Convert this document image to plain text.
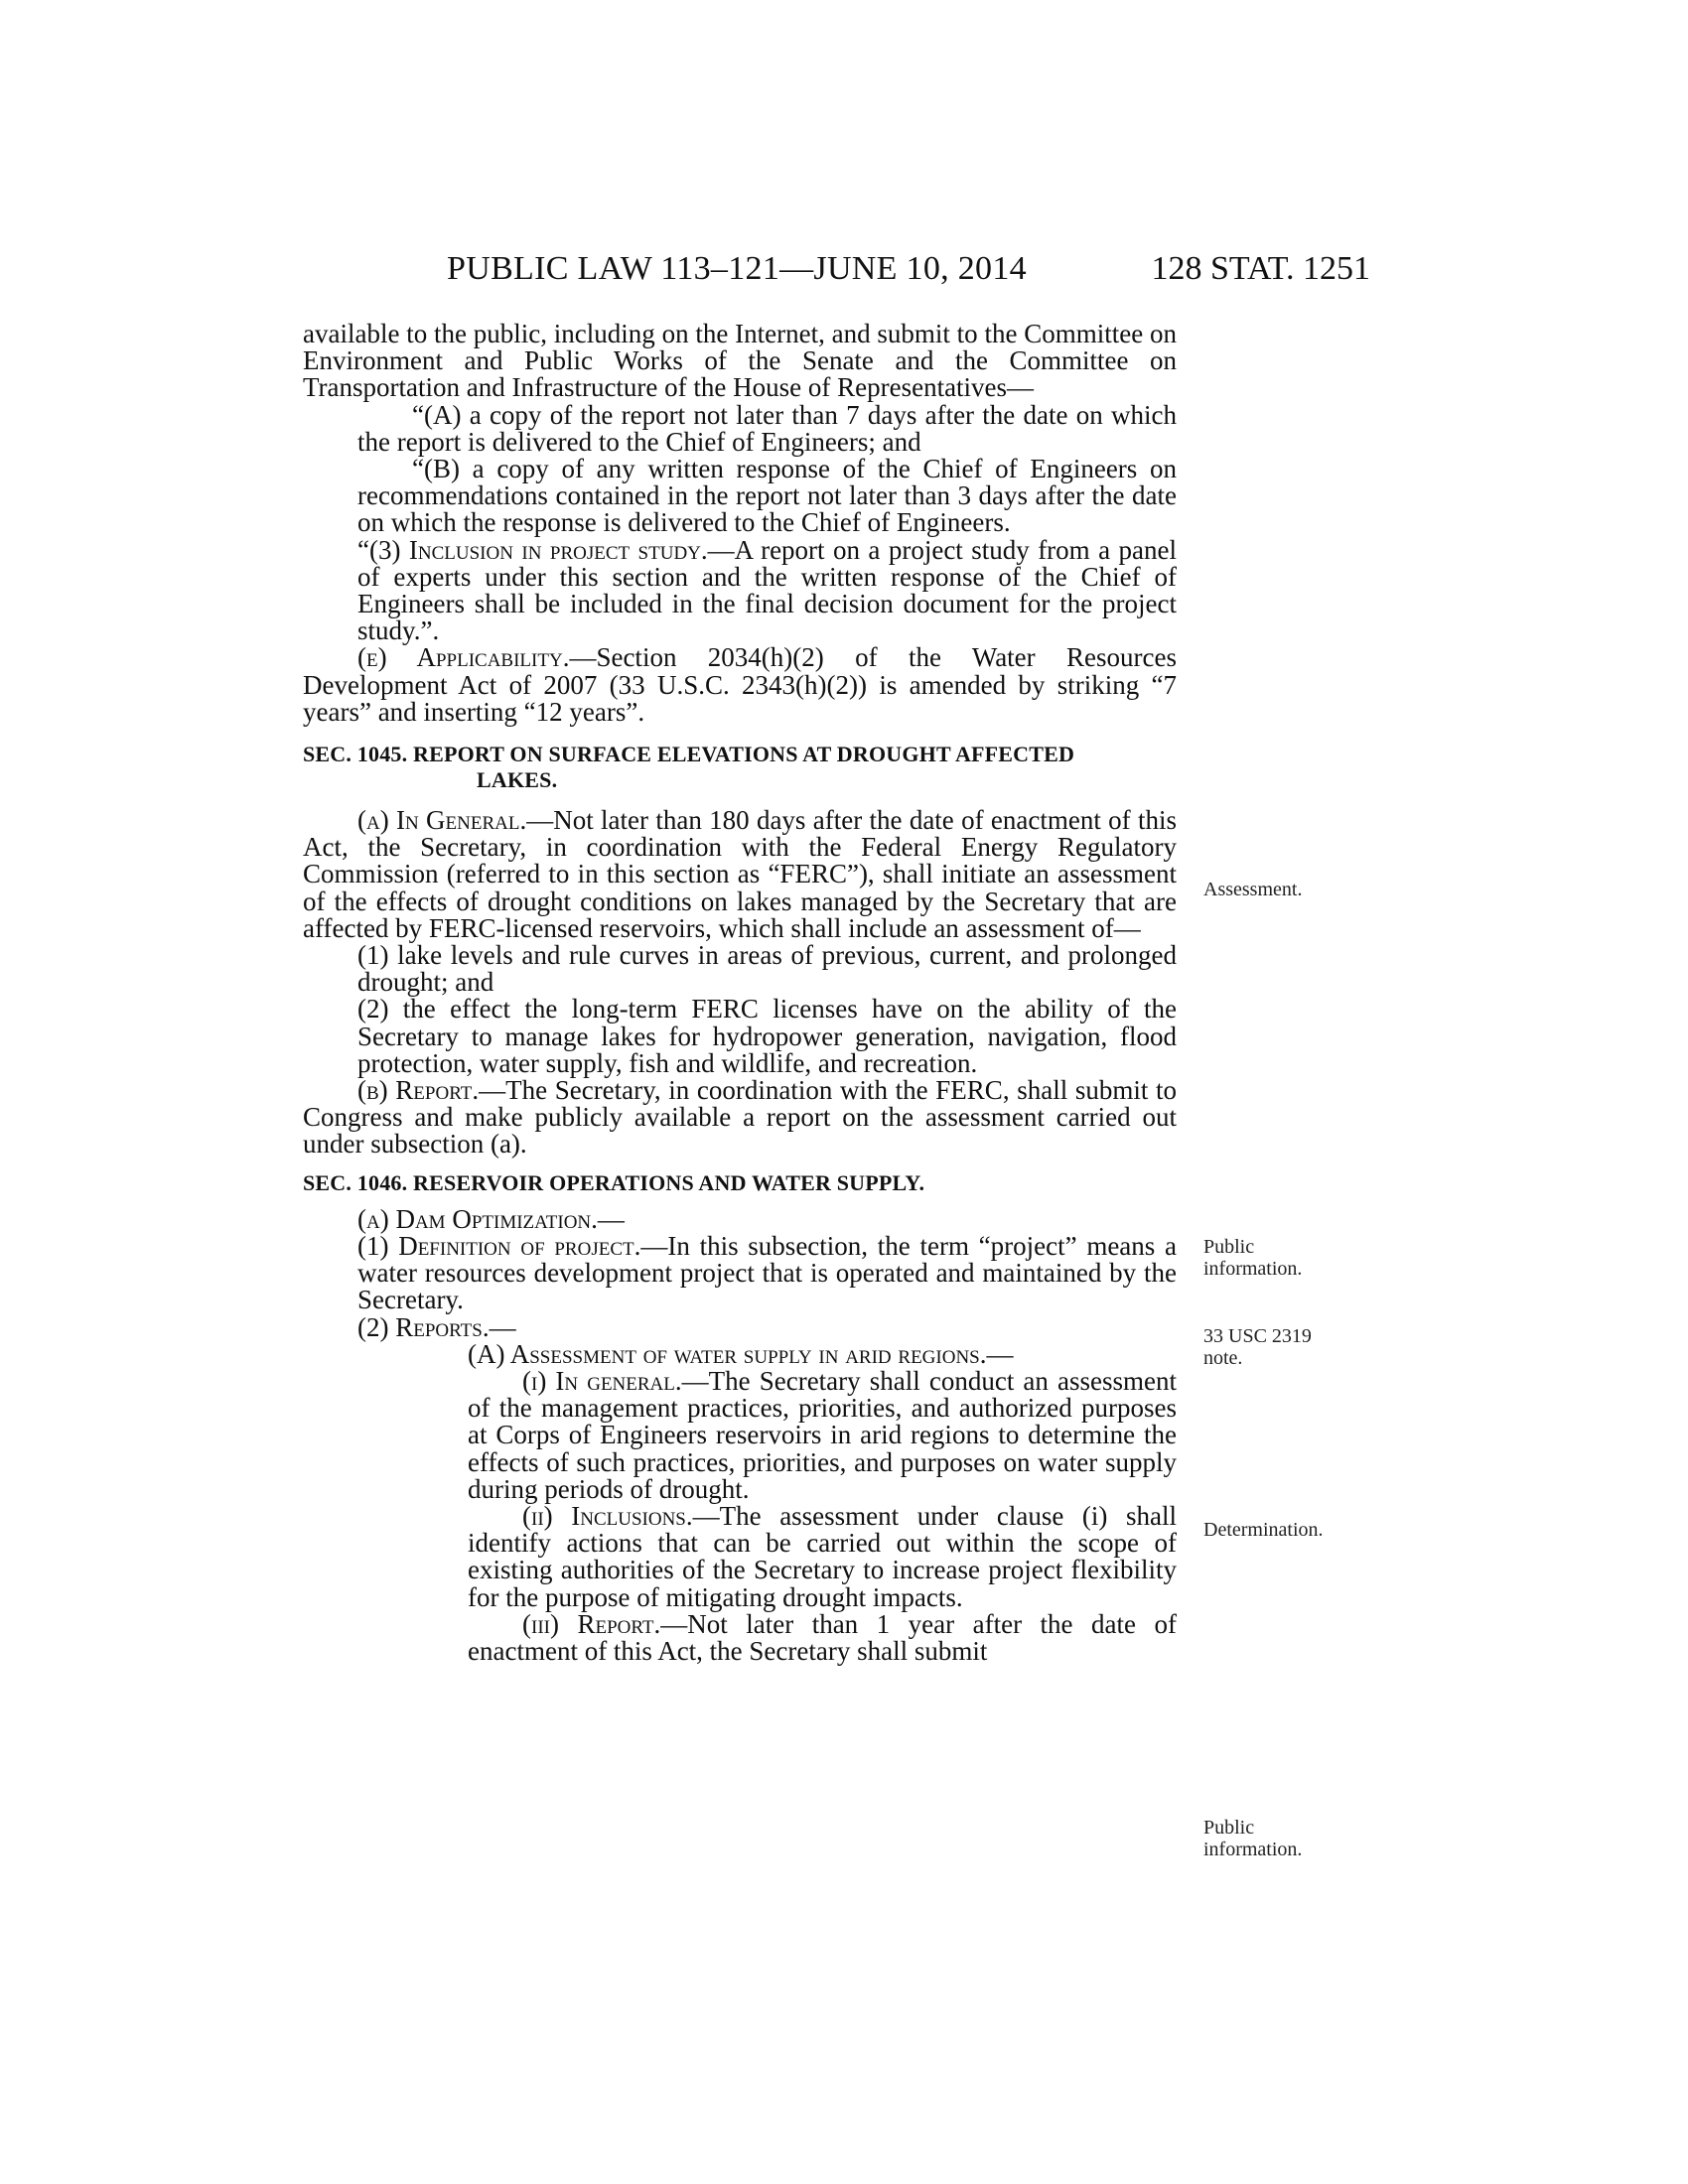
PUBLIC LAW 113–121—JUNE 10, 2014	128 STAT. 1251

available to the public, including on the Internet, and submit to the Committee on Environment and Public Works of the Senate and the Committee on Transportation and Infrastructure of the House of Representatives—

“(A) a copy of the report not later than 7 days after the date on which the report is delivered to the Chief of Engineers; and

“(B) a copy of any written response of the Chief of Engineers on recommendations contained in the report not later than 3 days after the date on which the response is delivered to the Chief of Engineers.

“(3) Inclusion in project study.—A report on a project study from a panel of experts under this section and the written response of the Chief of Engineers shall be included in the final decision document for the project study.”.

(e) Applicability.—Section 2034(h)(2) of the Water Resources Development Act of 2007 (33 U.S.C. 2343(h)(2)) is amended by striking “7 years” and inserting “12 years”.

SEC. 1045. REPORT ON SURFACE ELEVATIONS AT DROUGHT AFFECTED
LAKES.

(a) In General.—Not later than 180 days after the date of enactment of this Act, the Secretary, in coordination with the Federal Energy Regulatory Commission (referred to in this section as “FERC”), shall initiate an assessment of the effects of drought conditions on lakes managed by the Secretary that are affected by FERC-licensed reservoirs, which shall include an assessment of—

(1) lake levels and rule curves in areas of previous, current, and prolonged drought; and

(2) the effect the long-term FERC licenses have on the ability of the Secretary to manage lakes for hydropower generation, navigation, flood protection, water supply, fish and wildlife, and recreation.

(b) Report.—The Secretary, in coordination with the FERC, shall submit to Congress and make publicly available a report on the assessment carried out under subsection (a).

SEC. 1046. RESERVOIR OPERATIONS AND WATER SUPPLY.

(a) Dam Optimization.—

(1) Definition of project.—In this subsection, the term “project” means a water resources development project that is operated and maintained by the Secretary.

(2) Reports.—

(A) Assessment of water supply in arid regions.—

(i) In general.—The Secretary shall conduct an assessment of the management practices, priorities, and authorized purposes at Corps of Engineers reservoirs in arid regions to determine the effects of such practices, priorities, and purposes on water supply during periods of drought.

(ii) Inclusions.—The assessment under clause (i) shall identify actions that can be carried out within the scope of existing authorities of the Secretary to increase project flexibility for the purpose of mitigating drought impacts.

(iii) Report.—Not later than 1 year after the date of enactment of this Act, the Secretary shall submit

Assessment.
Public
information.
33 USC 2319
note.
Determination.
Public
information.
